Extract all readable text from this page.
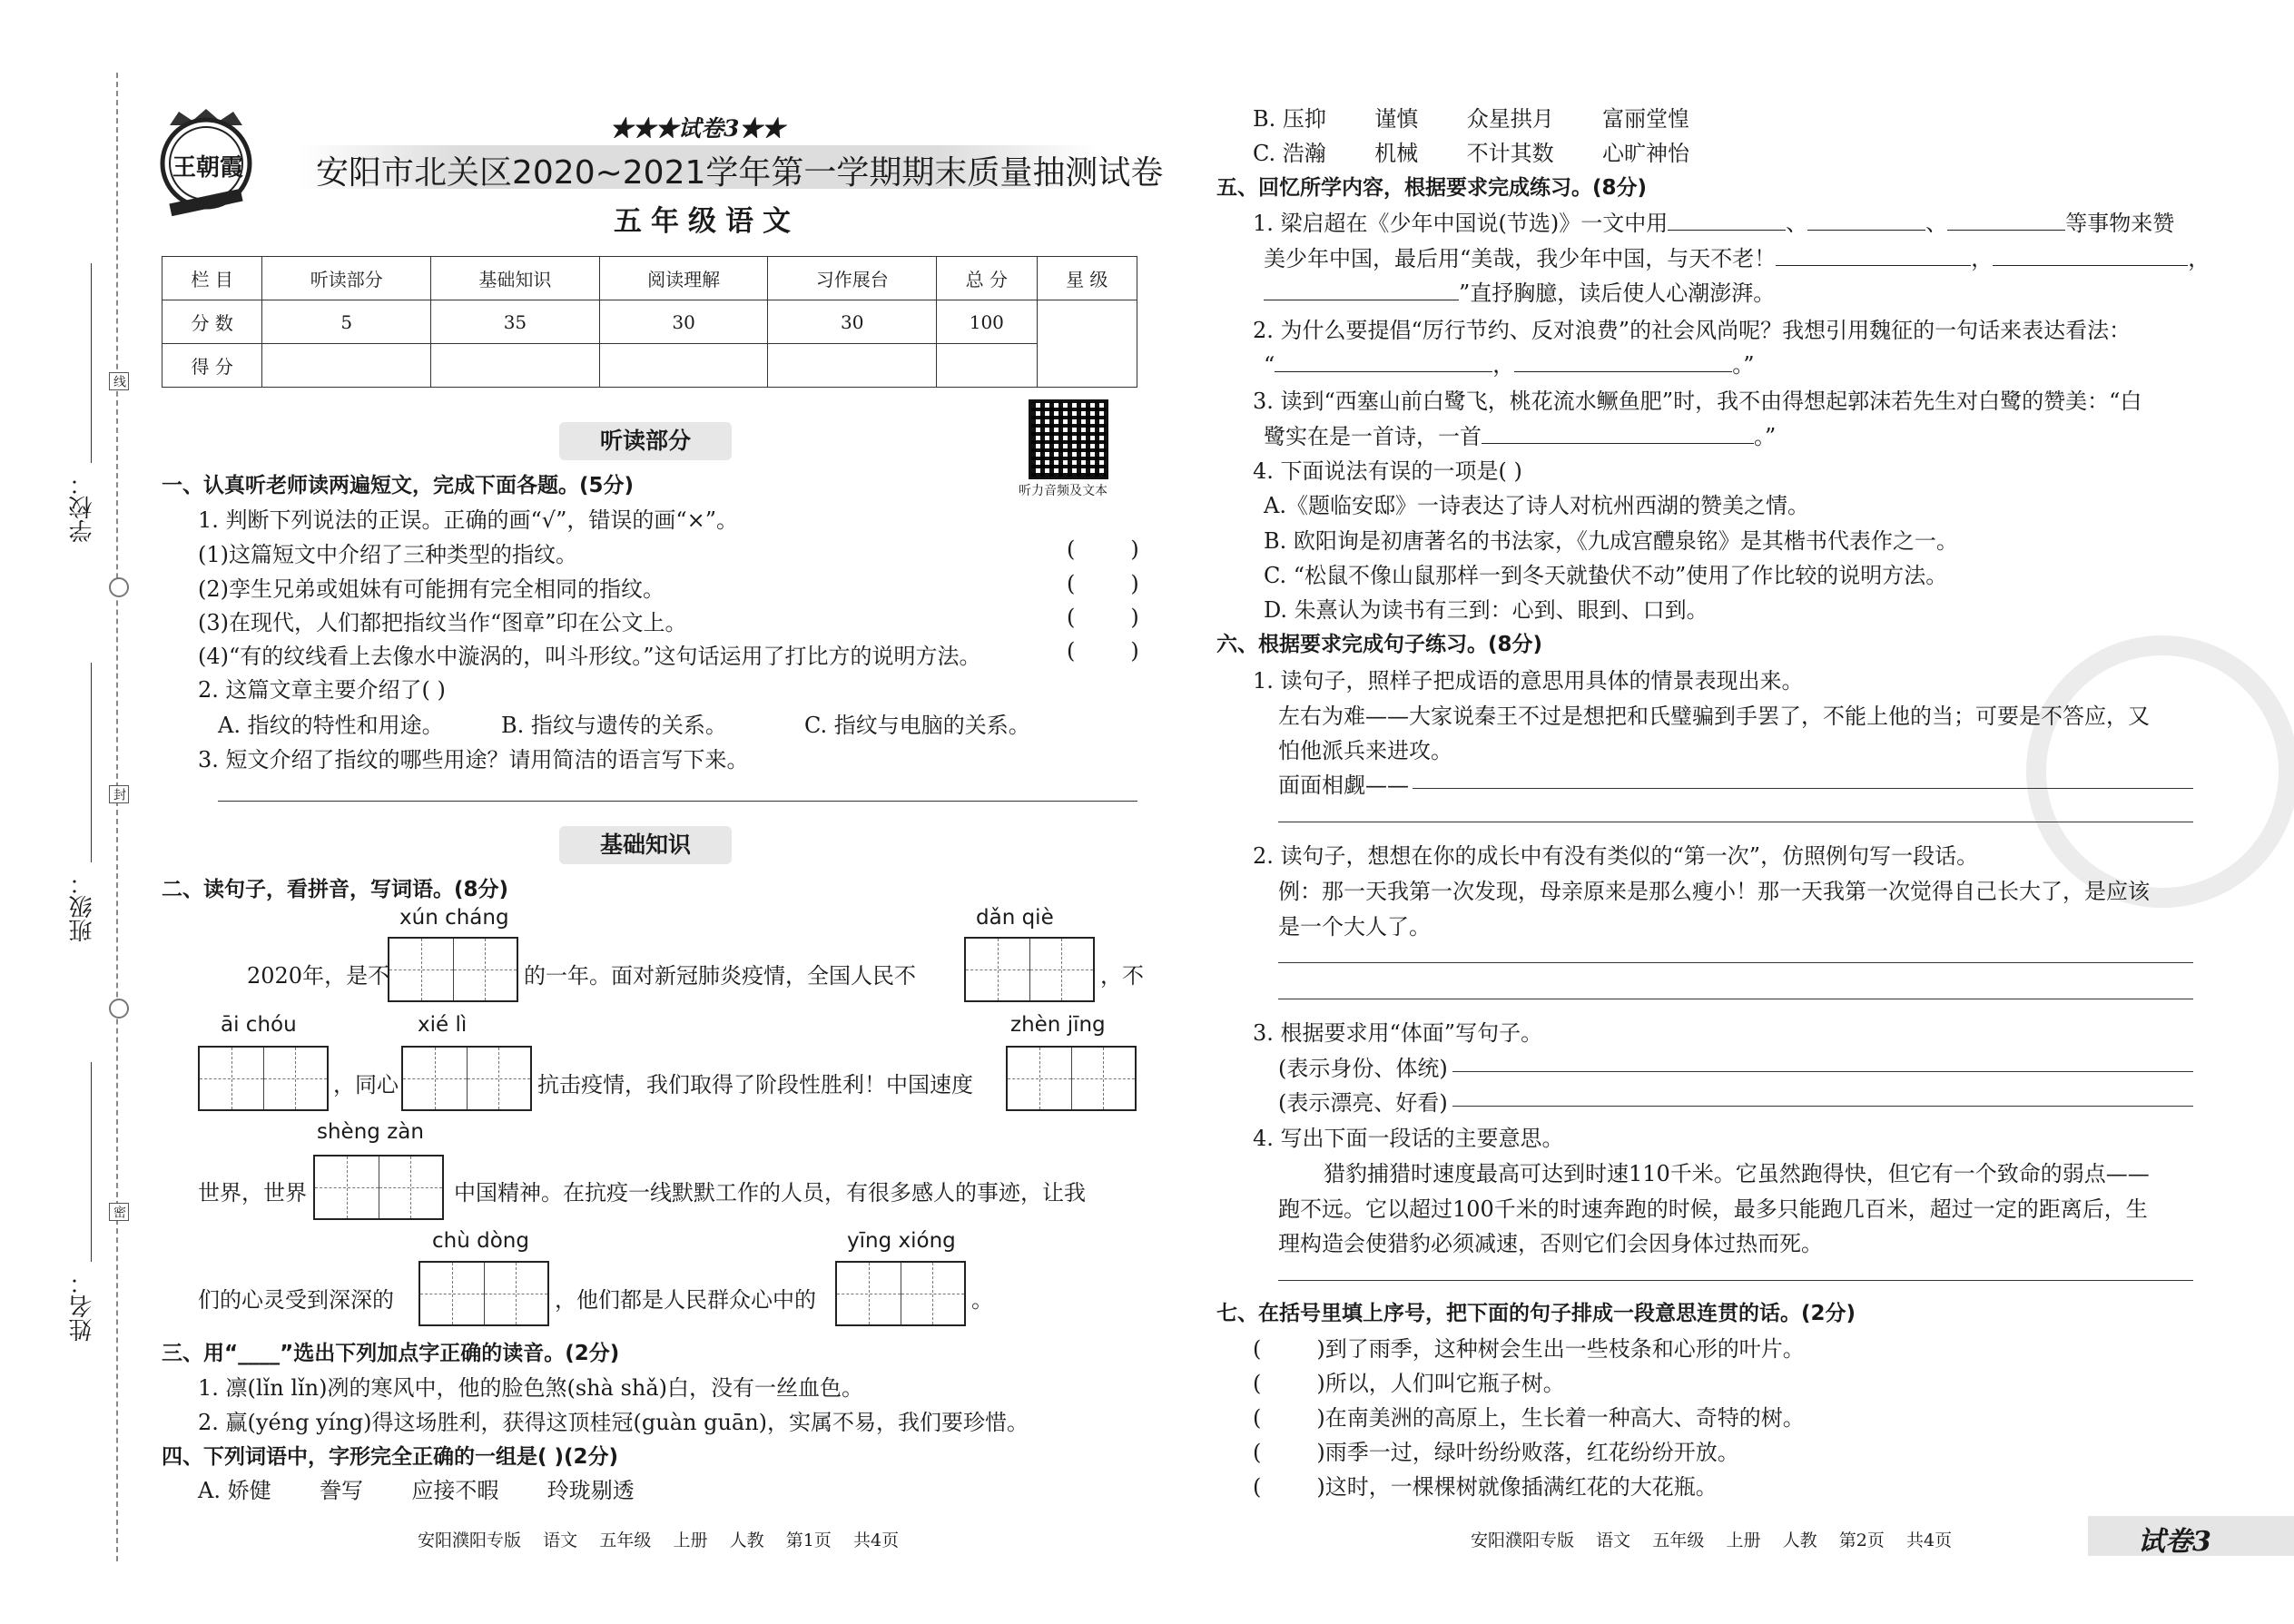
学校：
班级：
姓名：
线
封
密
王朝霞
★★★试卷3★★
安阳市北关区2020~2021学年第一学期期末质量抽测试卷
五年级语文
栏 目	听读部分	基础知识	阅读理解	习作展台	总 分	星 级
分 数	5	35	30	30	100	
得 分						
听力音频及文本
听读部分
一、认真听老师读两遍短文，完成下面各题。(5分)
1. 判断下列说法的正误。正确的画“√”，错误的画“×”。
(1)这篇短文中介绍了三种类型的指纹。	(        )
(2)孪生兄弟或姐妹有可能拥有完全相同的指纹。	(        )
(3)在现代，人们都把指纹当作“图章”印在公文上。	(        )
(4)“有的纹线看上去像水中漩涡的，叫斗形纹。”这句话运用了打比方的说明方法。	(        )
2. 这篇文章主要介绍了( )
A. 指纹的特性和用途。	B. 指纹与遗传的关系。	C. 指纹与电脑的关系。
3. 短文介绍了指纹的哪些用途？请用简洁的语言写下来。
基础知识
二、读句子，看拼音，写词语。(8分)
xún cháng	dǎn qiè
2020年，是不	的一年。面对新冠肺炎疫情，全国人民不	，不
āi chóu	xié lì	zhèn jīng
，同心	抗击疫情，我们取得了阶段性胜利！中国速度
shèng zàn
世界，世界	中国精神。在抗疫一线默默工作的人员，有很多感人的事迹，让我
chù dòng	yīng xióng
们的心灵受到深深的	，他们都是人民群众心中的	。
三、用“____”选出下列加点字正确的读音。(2分)
1. 凛(lǐn lǐn)冽的寒风中，他的脸色煞(shà shǎ)白，没有一丝血色。
2. 赢(yéng yíng)得这场胜利，获得这顶桂冠(guàn guān)，实属不易，我们要珍惜。
四、下列词语中，字形完全正确的一组是( )(2分)
A. 娇健       誊写       应接不暇       玲珑剔透
安阳濮阳专版    语文    五年级    上册    人教    第1页    共4页
B. 压抑       谨慎       众星拱月       富丽堂惶
C. 浩瀚       机械       不计其数       心旷神怡
五、回忆所学内容，根据要求完成练习。(8分)
1. 梁启超在《少年中国说(节选)》一文中用	、	、	等事物来赞
美少年中国，最后用“美哉，我少年中国，与天不老！	，	，
”直抒胸臆，读后使人心潮澎湃。
2. 为什么要提倡“厉行节约、反对浪费”的社会风尚呢？我想引用魏征的一句话来表达看法：
“	，	。”
3. 读到“西塞山前白鹭飞，桃花流水鳜鱼肥”时，我不由得想起郭沫若先生对白鹭的赞美：“白
鹭实在是一首诗，一首	。”
4. 下面说法有误的一项是( )
A.《题临安邸》一诗表达了诗人对杭州西湖的赞美之情。
B. 欧阳询是初唐著名的书法家，《九成宫醴泉铭》是其楷书代表作之一。
C. “松鼠不像山鼠那样一到冬天就蛰伏不动”使用了作比较的说明方法。
D. 朱熹认为读书有三到：心到、眼到、口到。
六、根据要求完成句子练习。(8分)
1. 读句子，照样子把成语的意思用具体的情景表现出来。
左右为难——大家说秦王不过是想把和氏璧骗到手罢了，不能上他的当；可要是不答应，又
怕他派兵来进攻。
面面相觑——
2. 读句子，想想在你的成长中有没有类似的“第一次”，仿照例句写一段话。
例：那一天我第一次发现，母亲原来是那么瘦小！那一天我第一次觉得自己长大了，是应该
是一个大人了。
3. 根据要求用“体面”写句子。
(表示身份、体统)
(表示漂亮、好看)
4. 写出下面一段话的主要意思。
猎豹捕猎时速度最高可达到时速110千米。它虽然跑得快，但它有一个致命的弱点——
跑不远。它以超过100千米的时速奔跑的时候，最多只能跑几百米，超过一定的距离后，生
理构造会使猎豹必须减速，否则它们会因身体过热而死。
七、在括号里填上序号，把下面的句子排成一段意思连贯的话。(2分)
(        )到了雨季，这种树会生出一些枝条和心形的叶片。
(        )所以，人们叫它瓶子树。
(        )在南美洲的高原上，生长着一种高大、奇特的树。
(        )雨季一过，绿叶纷纷败落，红花纷纷开放。
(        )这时，一棵棵树就像插满红花的大花瓶。
安阳濮阳专版    语文    五年级    上册    人教    第2页    共4页	试卷3
